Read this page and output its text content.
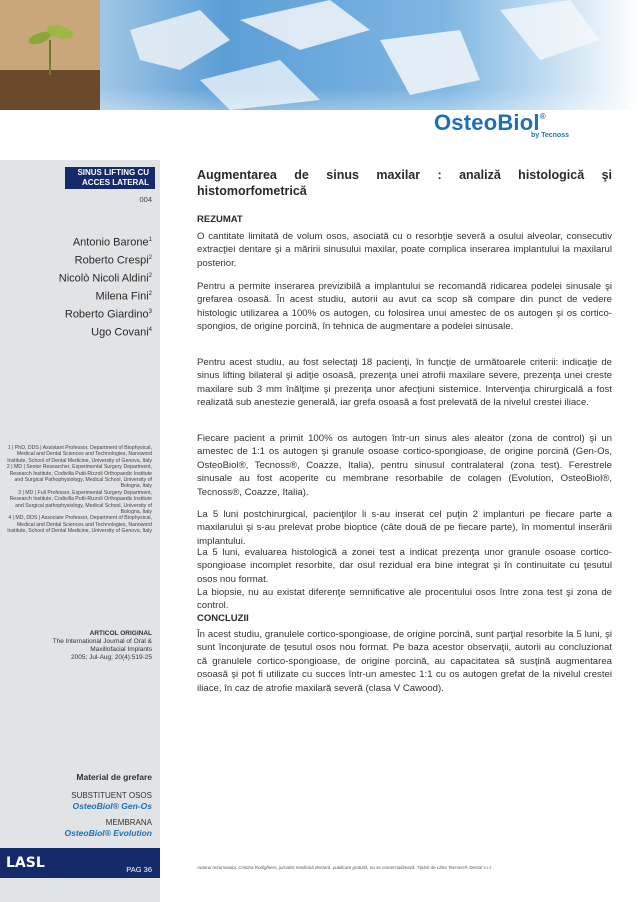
OsteoBiol®
by Tecnoss
SINUS LIFTING CU
ACCES LATERAL
004
Antonio Barone$^1$
Roberto Crespi$^2$
Nicolò Nicoli Aldini$^2$
Milena Fini$^2$
Roberto Giardino$^3$
Ugo Covani$^4$
1 | PhD, DDS | Assistant Professor, Department of Biophysical, Medical and Dental Sciences and Technologies, Nanoword Institute, School of Dental Medicine, University of Genova, Italy
2 | MD | Senior Researcher, Experimental Surgery Department, Research Institute, Codivilla Putti-Rizzoli Orthopaedic Institute and Surgical Pathophysiology, Medical School, University of Bologna, Italy
3 | MD | Full Professor, Experimental Surgery Department, Research Institute, Codivilla Putti-Rizzoli Orthopaedic Institute and Surgical pathophysiology, Medical School, University of Bologna, Italy
4 | MD, DDS | Associate Professor, Department of Biophysical, Medical and Dental Sciences and Technologies, Nanoword Institute, School of Dental Medicine, University of Genova, Italy
ARTICOL ORIGINAL
The International Journal of Oral & Maxillofacial Implants
2005; Jul-Aug; 20(4):519-25
Material de grefare
SUBSTITUENT OSOS
OsteoBiol® Gen-Os
MEMBRANA
OsteoBiol® Evolution
LASL	PAG 36
Augmentarea de sinus maxilar : analiză histologică şi histomorfometrică
REZUMAT
O cantitate limitată de volum osos, asociată cu o resorbţie severă a osului alveolar, consecutiv extracţiei dentare şi a măririi sinusului maxilar, poate complica inserarea implantului la maxilarul posterior.
Pentru a permite inserarea previzibilă a implantului se recomandă ridicarea podelei sinusale şi grefarea osoasă. În acest studiu, autorii au avut ca scop să compare din punct de vedere histologic utilizarea a 100% os autogen, cu folosirea unui amestec de os autogen şi os cortico-spongios, de origine porcină, în tehnica de augmentare a podelei sinusale.
Pentru acest studiu, au fost selectaţi 18 pacienţi, în funcţie de următoarele criterii: indicaţie de sinus lifting bilateral şi adiţie osoasă, prezenţa unei atrofii maxilare severe, prezenţa unei creste maxilare sub 3 mm înălţime şi prezenţa unor afecţiuni sistemice. Intervenţia chirurgicală a fost realizată sub anestezie generală, iar grefa osoasă a fost prelevată de la nivelul crestei iliace.
Fiecare pacient a primit 100% os autogen într-un sinus ales aleator (zona de control) şi un amestec de 1:1 os autogen şi granule osoase cortico-spongioase, de origine porcină (Gen-Os, OsteoBiol®, Tecnoss®, Coazze, Italia), pentru sinusul contralateral (zona test). Ferestrele sinusale au fost acoperite cu membrane resorbabile de colagen (Evolution, OsteoBiol®, Tecnoss®, Coazze, Italia).
La 5 luni postchirurgical, pacienţilor li s-au inserat cel puţin 2 implanturi pe fiecare parte a maxilarului şi s-au prelevat probe bioptice (câte două de pe fiecare parte), în momentul inserării implantului.
La 5 luni, evaluarea histologică a zonei test a indicat prezenţa unor granule osoase cortico-spongioase incomplet resorbite, dar osul rezidual era bine integrat şi în continuitate cu ţesutul osos nou format.
La biopsie, nu au existat diferenţe semnificative ale procentului osos între zona test şi zona de control.
CONCLUZII
În acest studiu, granulele cortico-spongioase, de origine porcină, sunt parţial resorbite la 5 luni, şi sunt înconjurate de ţesutul osos nou format. Pe baza acestor observaţii, autorii au concluzionat că granulele cortico-spongioase, de origine porcină, au capacitatea să susţină augmentarea osoasă şi pot fi utilizate cu succes într-un amestec 1:1 cu os autogen grefat de la nivelul crestei iliace, în caz de atrofie maxilară severă (clasa V Cawood).
Autorul rezumatului: Cristina Rodighiero, jurnalist medicină dentară, publicare gratuită, nu se comercializează. Tipărit de către Tecnoss® Dental s.r.l.
